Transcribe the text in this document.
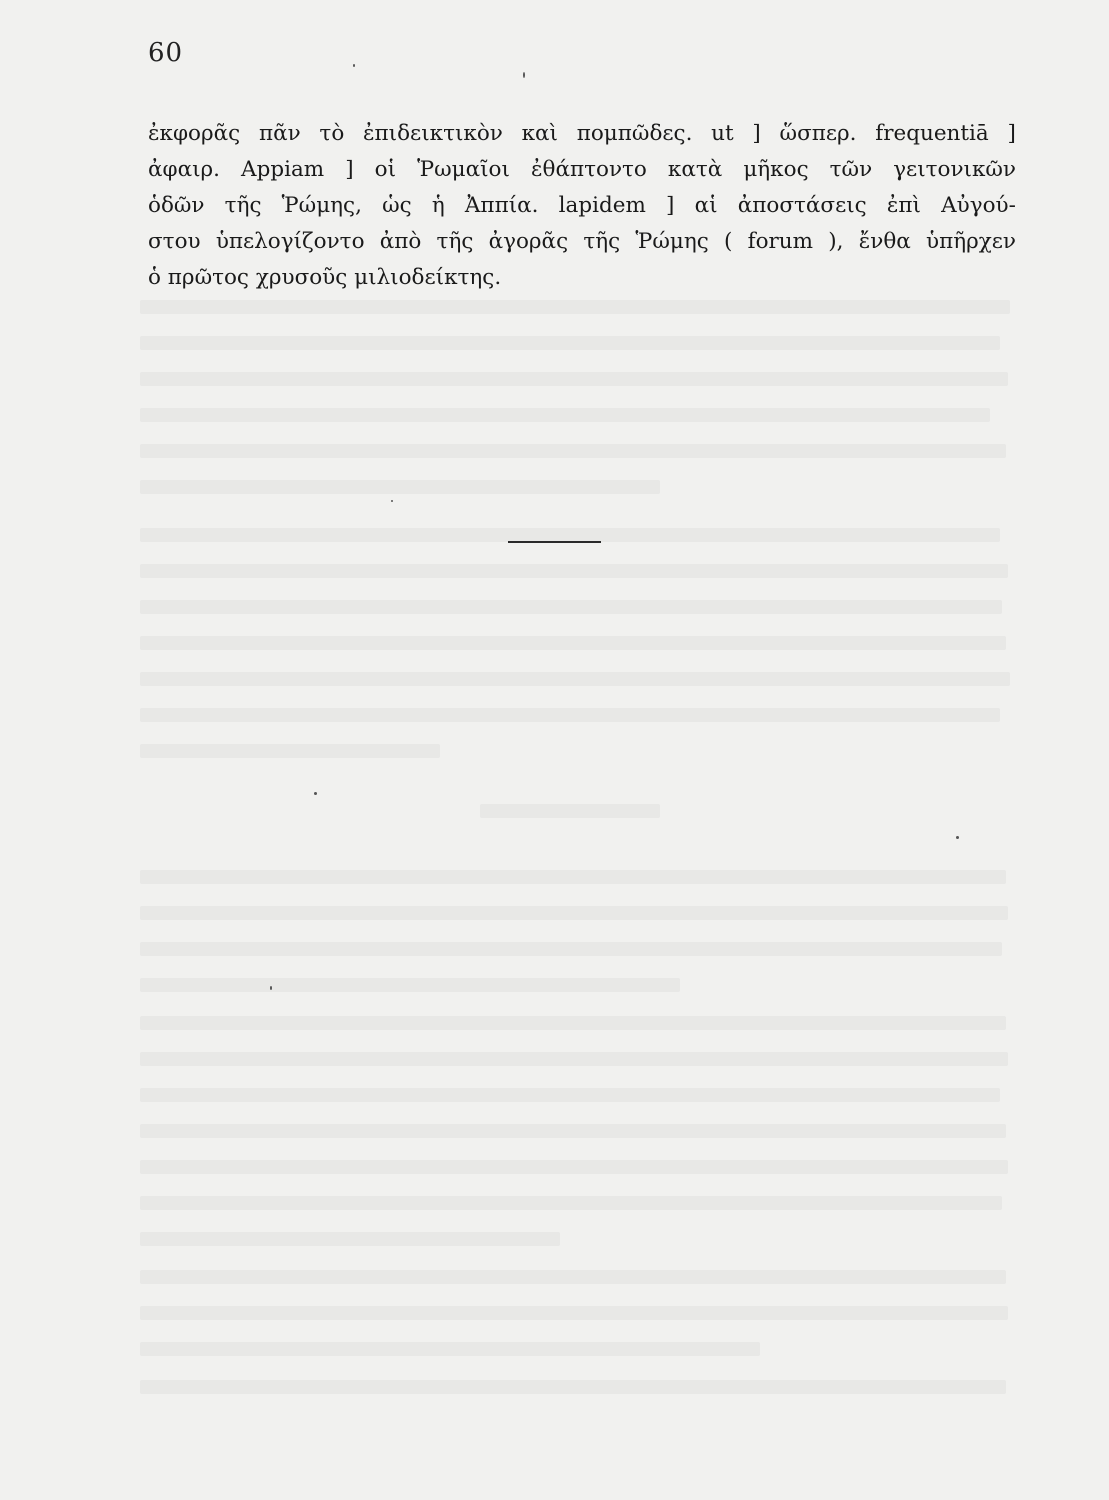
60
ἐκφορᾶς πᾶν τὸ ἐπιδεικτικὸν καὶ πομπῶδες. ut ] ὥσπερ. frequentiā ]
ἀφαιρ. Appiam ] οἱ Ῥωμαῖοι ἐθάπτοντο κατὰ μῆκος τῶν γειτονικῶν
ὁδῶν τῆς Ῥώμης, ὡς ἡ Ἀππία. lapidem ] αἱ ἀποστάσεις ἐπὶ Αὐγού-
στου ὑπελογίζοντο ἀπὸ τῆς ἀγορᾶς τῆς Ῥώμης ( forum ), ἔνθα ὑπῆρχεν
ὁ
πρῶτος
χρυσοῦς
μιλιοδείκτης.
